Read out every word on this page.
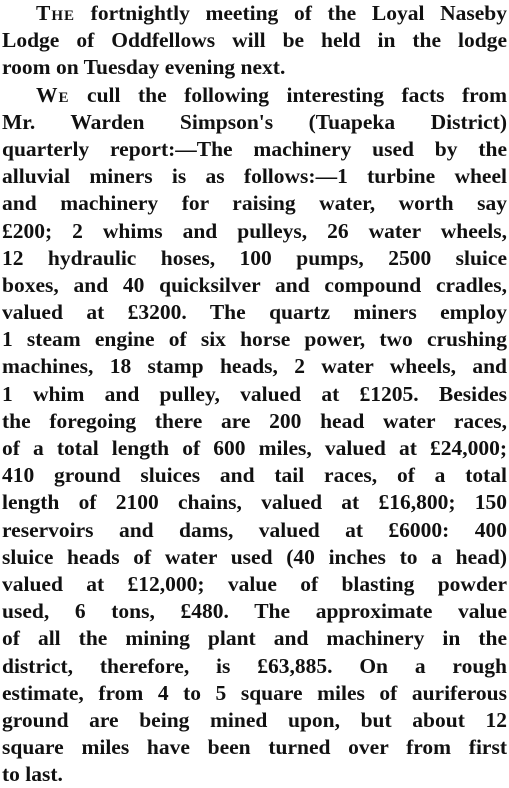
The fortnightly meeting of the Loyal Naseby
Lodge of Oddfellows will be held in the lodge
room on Tuesday evening next.
We cull the following interesting facts from
Mr. Warden Simpson's (Tuapeka District)
quarterly report:—The machinery used by the
alluvial miners is as follows:—1 turbine wheel
and machinery for raising water, worth say
£200; 2 whims and pulleys, 26 water wheels,
12 hydraulic hoses, 100 pumps, 2500 sluice
boxes, and 40 quicksilver and compound cradles,
valued at £3200. The quartz miners employ
1 steam engine of six horse power, two crushing
machines, 18 stamp heads, 2 water wheels, and
1 whim and pulley, valued at £1205. Besides
the foregoing there are 200 head water races,
of a total length of 600 miles, valued at £24,000;
410 ground sluices and tail races, of a total
length of 2100 chains, valued at £16,800; 150
reservoirs and dams, valued at £6000: 400
sluice heads of water used (40 inches to a head)
valued at £12,000; value of blasting powder
used, 6 tons, £480. The approximate value
of all the mining plant and machinery in the
district, therefore, is £63,885. On a rough
estimate, from 4 to 5 square miles of auriferous
ground are being mined upon, but about 12
square miles have been turned over from first
to last.
